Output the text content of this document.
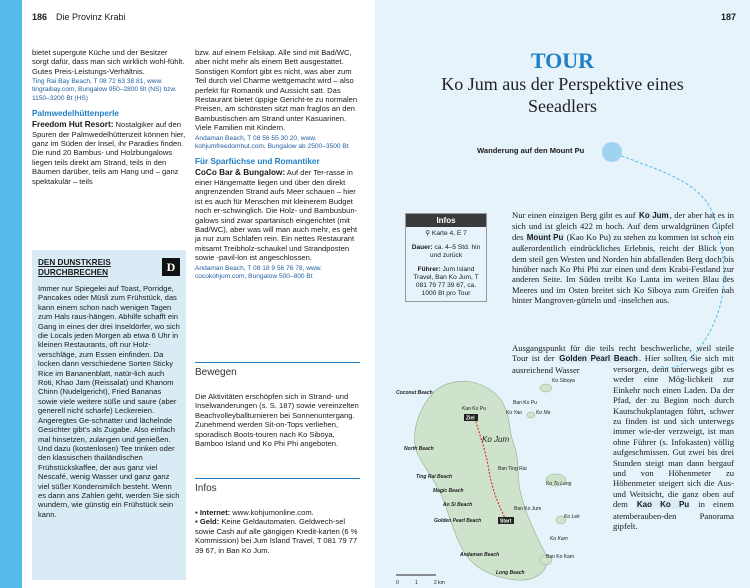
186 Die Provinz Krabi

bietet supergute Küche und der Besitzer sorgt dafür, dass man sich wirklich wohl-fühlt. Gutes Preis-Leistungs-Verhältnis.

Ting Rai Bay Beach, T 08 72 63 38 81, www. tingraibay.com, Bungalow 950–2800 Bt (NS) bzw. 1150–3200 Bt (HS)

Palmwedelhüttenperle

Freedom Hut Resort: Nostalgiker auf den Spuren der Palmwedelhüttenzeit können hier, ganz im Süden der Insel, ihr Paradies finden. Die rund 20 Bambus- und Holzbungalows liegen teils direkt am Strand, teils in den Bäumen darüber, teils am Hang und – ganz spektakulär – teils

DEN DUNSTKREIS DURCHBRECHEN	D

Immer nur Spiegelei auf Toast, Porridge, Pancakes oder Müsli zum Frühstück, das kann einem schon nach wenigen Tagen zum Hals raus-hängen. Abhilfe schafft ein Gang in eines der drei Inseldörfer, wo sich die Locals jeden Morgen ab etwa 6 Uhr in kleinen Restaurants, oft nur Holz-verschläge, zum Essen einfinden. Da locken dann verschiedene Sorten Sticky Rice im Bananenblatt, natür-lich auch Roti, Khao Jam (Reissalat) und Khanom Chinn (Nudelgericht), Fried Bananas sowie viele weitere süße und saure (aber generell nicht scharfe) Leckereien. Angeregtes Ge-schnatter und lächelnde Gesichter gibt's als Zugabe. Also einfach mal hinsetzen, zulangen und genießen. Und dazu (kostenlosen) Tee trinken oder den klassischen thailändischen Frühstückskaffee, der aus ganz viel Nescafé, wenig Wasser und ganz ganz viel süßer Kondensmilch besteht. Wenn es dann ans Zahlen geht, werden Sie sich wundern, wie günstig ein Frühstück sein kann.

bzw. auf einem Felskap. Alle sind mit Bad/WC, aber nicht mehr als einem Bett ausgestattet. Sonstigen Komfort gibt es nicht, was aber zum Teil durch viel Charme wettgemacht wird – also perfekt für Romantik und Aussicht satt. Das Restaurant bietet üppige Gericht-te zu normalen Preisen, am schönsten sitzt man fraglos an den Bambustischen am Strand unter Kasuarinen. Viele Familien mit Kindern.

Andaman Beach, T 08 56 55 30 20, www. kohjumfreedomhut.com, Bungalow ab 2500–3500 Bt

Für Sparfüchse und Romantiker

CoCo Bar & Bungalow: Auf der Ter-rasse in einer Hängematte liegen und über den direkt angrenzenden Strand aufs Meer schauen – hier ist es auch für Menschen mit kleinerem Budget noch er-schwinglich. Die Holz- und Bambusbun-galows sind zwar spartanisch eingerichtet (mit Bad/WC), aber was will man auch mehr, es geht ja nur zum Schlafen rein. Ein nettes Restaurant mitsamt Treibholz-schaukel und Strandposten sowie -pavil-lon ist angeschlossen.

Andaman Beach, T 08 18 9 56 76 78, www. cocokohjum.com, Bungalow 500–800 Bt

Bewegen

Die Aktivitäten erschöpfen sich in Strand- und Inselwanderungen (s. S. 187) sowie vereinzelten Beachvolleyballturnieren bei Sonnenuntergang. Zunehmend werden Sit-on-Tops verliehen, sporadisch Boots-touren nach Ko Siboya, Bamboo Island und Ko Phi Phi angeboten.

Infos

▪ Internet: www.kohjumonline.com.

▪ Geld: Keine Geldautomaten. Geldwech-sel sowie Cash auf alle gängigen Kredit-karten (6 % Kommission) bei Jum Island Travel, T 081 79 77 39 67, in Ban Ko Jum.

187
TOUR
Ko Jum aus der Perspektive eines Seeadlers
Wanderung auf den Mount Pu
Infos
⚲ Karte 4, E 7
Dauer: ca. 4–5 Std. hin und zurück
Führer: Jum Island Travel, Ban Ko Jum, T 081 79 77 39 67, ca. 1000 Bt pro Tour
Nur einen einzigen Berg gibt es auf Ko Jum, der aber hat es in sich und ist gleich 422 m hoch. Auf dem urwaldgrünen Gipfel des Mount Pu (Kao Ko Pu) zu stehen zu kommen ist schon ein außerordentlich eindrückliches Erlebnis, reicht der Blick von dem steil gen Westen und Norden hin abfallenden Berg doch bis hinüber nach Ko Phi Phi zur einen und dem Krabi-Festland zur anderen Seite. Im Süden treibt Ko Lanta im weiten Blau des Meeres und im Osten breitet sich Ko Siboya zum Greifen nah hinter Mangroven-gürteln und -inselchen aus.
Ausgangspunkt für die teils recht beschwerliche, weil steile Tour ist der Golden Pearl Beach. Hier sollten Sie sich mit ausreichend Wasser	versorgen, denn unterwegs gibt es weder eine Mög-lichkeit zur Einkehr noch einen Laden. Da der Pfad, der zu Beginn noch durch Kautschukplantagen führt, schwer zu finden ist und sich unterwegs immer wie-der verzweigt, ist man ohne Führer (s. Infokasten) völlig aufgeschmissen. Gut zwei bis drei Stunden steigt man dann bergauf und von Höhenmeter zu Höhenmeter steigert sich die Aus- und Weitsicht, die ganz oben auf dem Kao Ko Pu in einem atemberauben-den Panorama gipfelt.
Coconut Beach
Kao Ko Pu
Ziel
Ban Ko Pu
Ko Siboya
Ko Ma
Ko Yao
Ko Jum
North Beach
Ban Ting Rai
Ting Rai Beach
Magic Beach
Ko To Lang
Ao Si Beach
Ban Ko Jum
Golden Pearl Beach	Start
Ko Lek
Ko Kam
Ban Ko Kam
Andaman Beach
Long Beach
0	1	2 km
